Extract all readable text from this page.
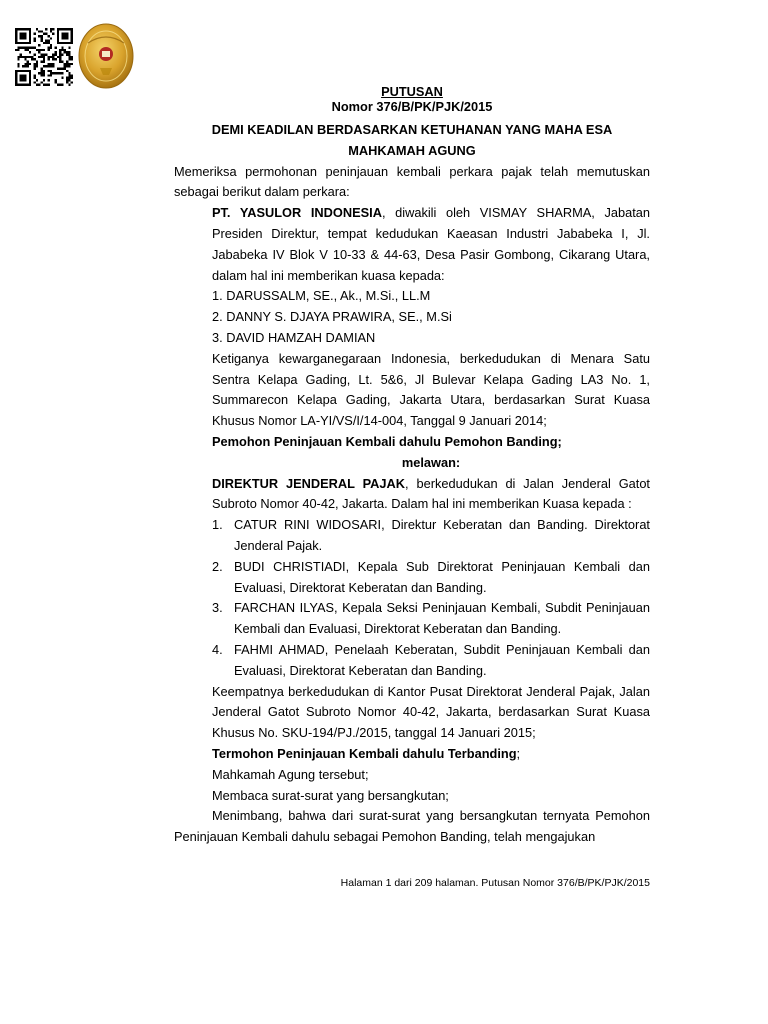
PUTUSAN
Nomor 376/B/PK/PJK/2015
DEMI KEADILAN BERDASARKAN KETUHANAN YANG MAHA ESA
MAHKAMAH AGUNG

Memeriksa permohonan peninjauan kembali perkara pajak telah memutuskan sebagai berikut dalam perkara:

PT. YASULOR INDONESIA, diwakili oleh VISMAY SHARMA, Jabatan Presiden Direktur, tempat kedudukan Kaeasan Industri Jababeka I, Jl. Jababeka IV Blok V 10-33 & 44-63, Desa Pasir Gombong, Cikarang Utara, dalam hal ini memberikan kuasa kepada:

1. DARUSSALM, SE., Ak., M.Si., LL.M
2. DANNY S. DJAYA PRAWIRA, SE., M.Si
3. DAVID HAMZAH DAMIAN

Ketiganya kewarganegaraan Indonesia, berkedudukan di Menara Satu Sentra Kelapa Gading, Lt. 5&6, Jl Bulevar Kelapa Gading LA3 No. 1, Summarecon Kelapa Gading, Jakarta Utara, berdasarkan Surat Kuasa Khusus Nomor LA-YI/VS/I/14-004, Tanggal 9 Januari 2014;

Pemohon Peninjauan Kembali dahulu Pemohon Banding;

melawan:

DIREKTUR JENDERAL PAJAK, berkedudukan di Jalan Jenderal Gatot Subroto Nomor 40-42, Jakarta. Dalam hal ini memberikan Kuasa kepada :

1. CATUR RINI WIDOSARI, Direktur Keberatan dan Banding. Direktorat Jenderal Pajak.
2. BUDI CHRISTIADI, Kepala Sub Direktorat Peninjauan Kembali dan Evaluasi, Direktorat Keberatan dan Banding.
3. FARCHAN ILYAS, Kepala Seksi Peninjauan Kembali, Subdit Peninjauan Kembali dan Evaluasi, Direktorat Keberatan dan Banding.
4. FAHMI AHMAD, Penelaah Keberatan, Subdit Peninjauan Kembali dan Evaluasi, Direktorat Keberatan dan Banding.

Keempatnya berkedudukan di Kantor Pusat Direktorat Jenderal Pajak, Jalan Jenderal Gatot Subroto Nomor 40-42, Jakarta, berdasarkan Surat Kuasa Khusus No. SKU-194/PJ./2015, tanggal 14 Januari 2015;

Termohon Peninjauan Kembali dahulu Terbanding;

Mahkamah Agung tersebut;

Membaca surat-surat yang bersangkutan;

Menimbang, bahwa dari surat-surat yang bersangkutan ternyata Pemohon Peninjauan Kembali dahulu sebagai Pemohon Banding, telah mengajukan

Halaman 1 dari 209 halaman. Putusan Nomor 376/B/PK/PJK/2015
